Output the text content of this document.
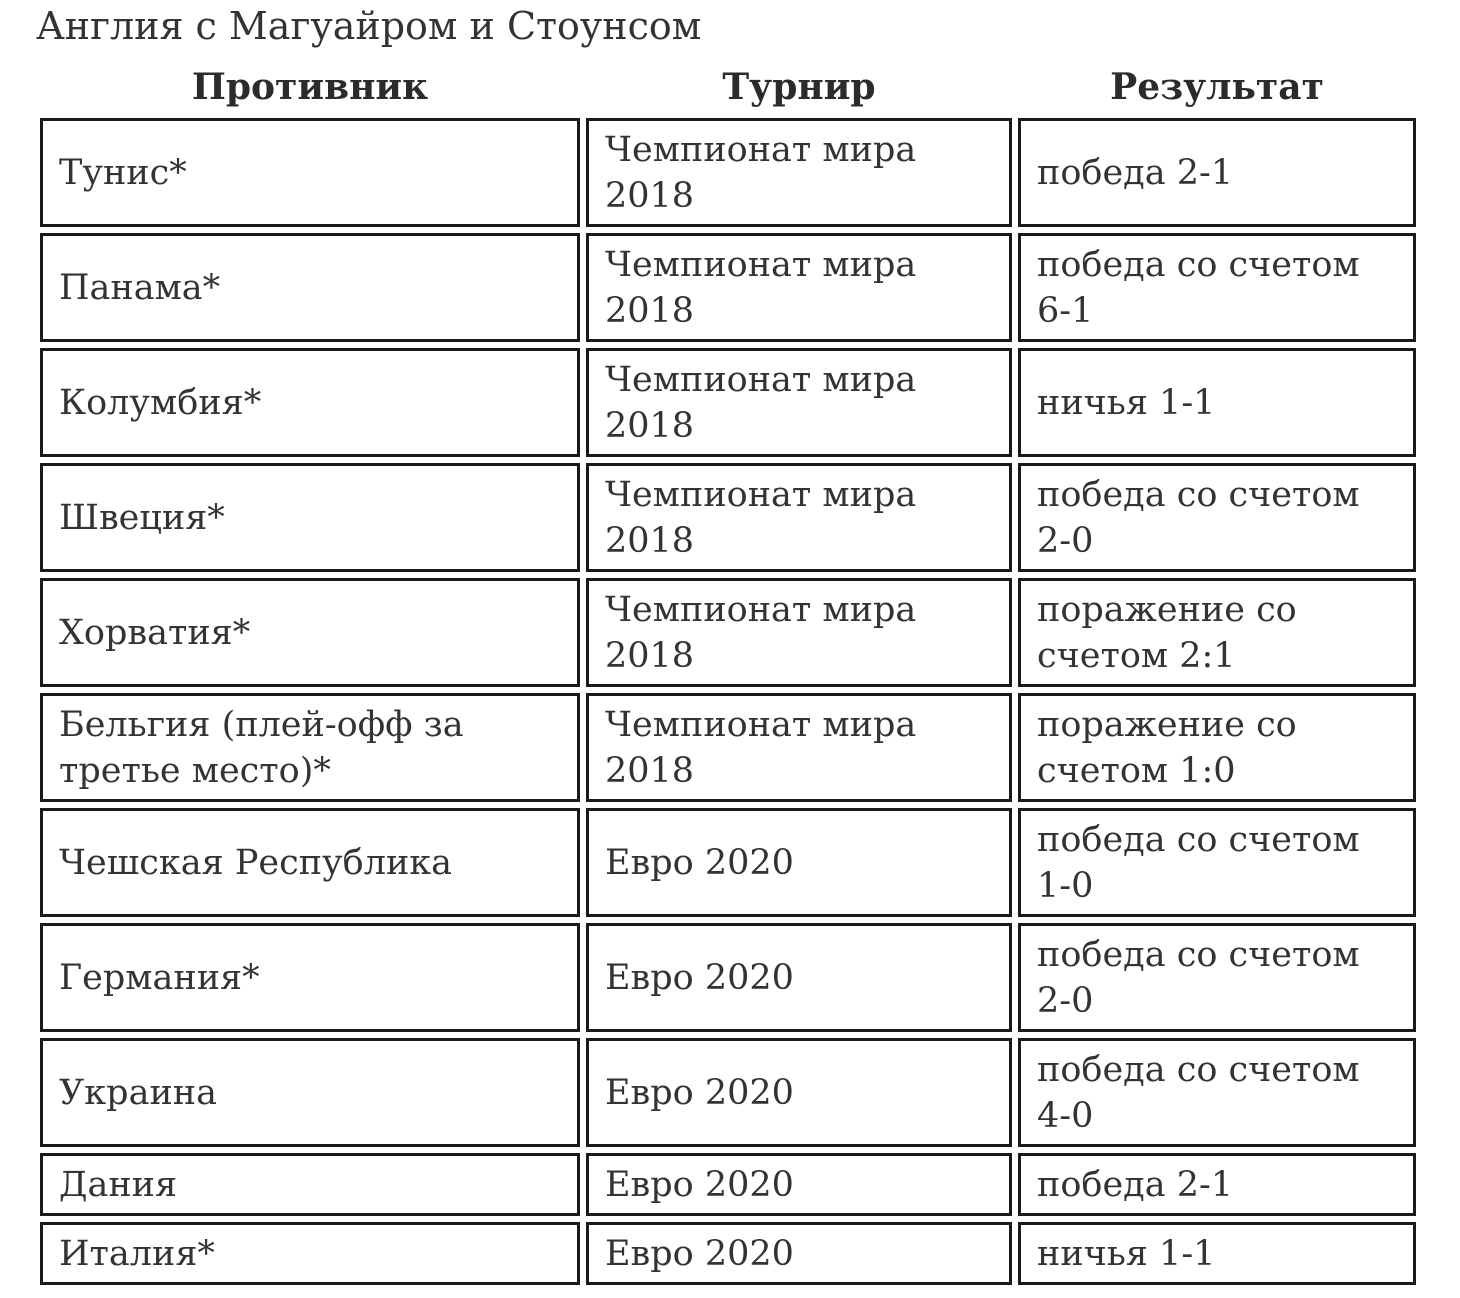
Англия с Магуайром и Стоунсом
Противник	Турнир	Результат
Тунис*	Чемпионат мира 2018	победа 2-1
Панама*	Чемпионат мира 2018	победа со счетом 6-1
Колумбия*	Чемпионат мира 2018	ничья 1-1
Швеция*	Чемпионат мира 2018	победа со счетом 2-0
Хорватия*	Чемпионат мира 2018	поражение со счетом 2:1
Бельгия (плей-офф за третье место)*	Чемпионат мира 2018	поражение со счетом 1:0
Чешская Республика	Евро 2020	победа со счетом 1-0
Германия*	Евро 2020	победа со счетом 2-0
Украина	Евро 2020	победа со счетом 4-0
Дания	Евро 2020	победа 2-1
Италия*	Евро 2020	ничья 1-1
